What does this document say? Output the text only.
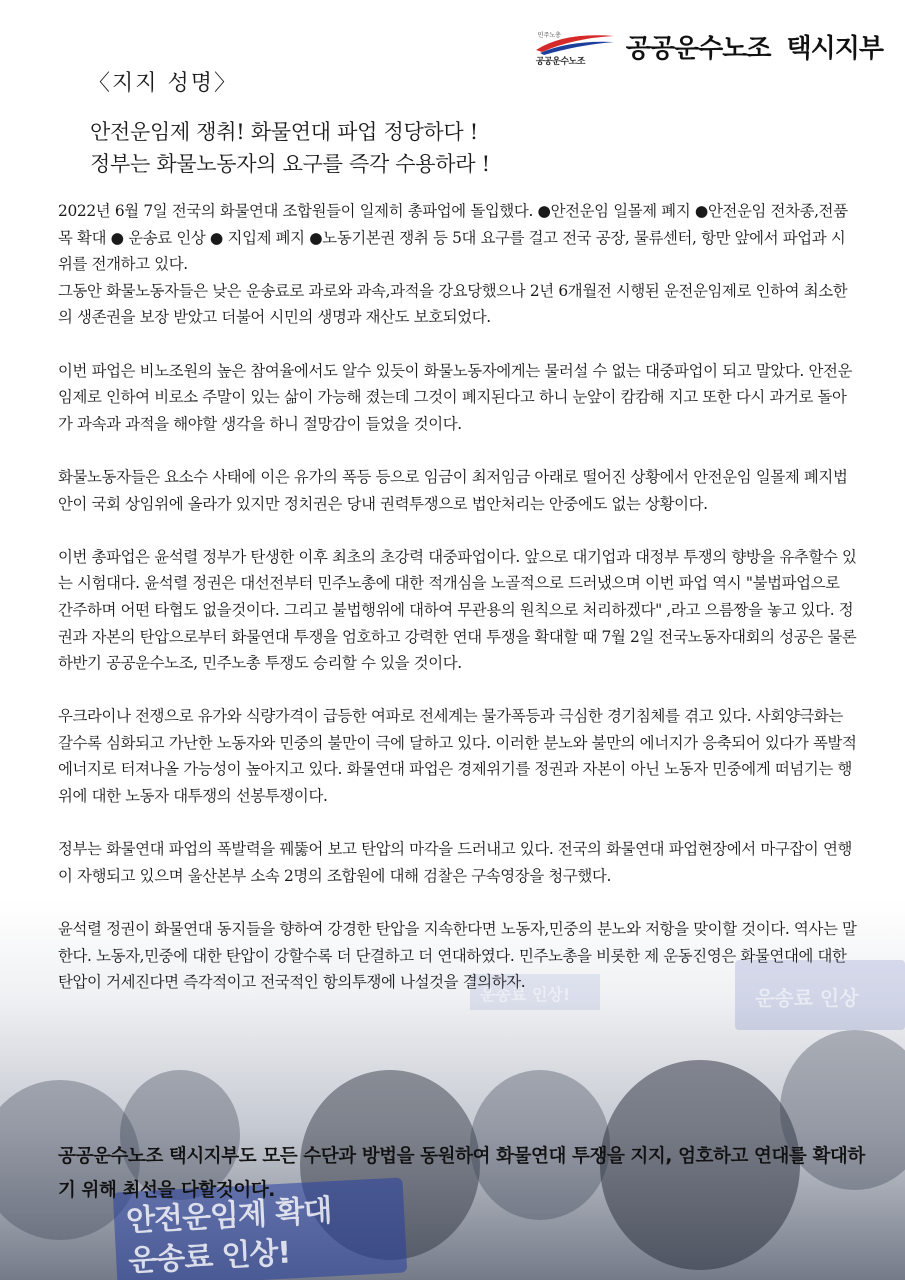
운송료 인상!	운송료 인상
안전운임제 확대
운송료 인상!
민주노총
공공운수노조 공공운수노조  택시지부
〈지지 성명〉
안전운임제 쟁취! 화물연대 파업 정당하다 !
정부는 화물노동자의 요구를 즉각 수용하라 !

2022년 6월 7일 전국의 화물연대 조합원들이 일제히 총파업에 돌입했다. ●안전운임 일몰제 폐지 ●안전운임 전차종,전품목 확대 ● 운송료 인상 ● 지입제 폐지 ●노동기본권 쟁취 등 5대 요구를 걸고 전국 공장, 물류센터, 항만 앞에서 파업과 시위를 전개하고 있다.
그동안 화물노동자들은 낮은 운송료로 과로와 과속,과적을 강요당했으나 2년 6개월전 시행된 운전운임제로 인하여 최소한의 생존권을 보장 받았고 더불어 시민의 생명과 재산도 보호되었다.

이번 파업은 비노조원의 높은 참여율에서도 알수 있듯이 화물노동자에게는 물러설 수 없는 대중파업이 되고 말았다. 안전운임제로 인하여 비로소 주말이 있는 삶이 가능해 졌는데 그것이 폐지된다고 하니 눈앞이 캄캄해 지고 또한 다시 과거로 돌아가 과속과 과적을 해야할 생각을 하니 절망감이 들었을 것이다.

화물노동자들은 요소수 사태에 이은 유가의 폭등 등으로 임금이 최저임금 아래로 떨어진 상황에서 안전운임 일몰제 폐지법안이 국회 상임위에 올라가 있지만 정치권은 당내 권력투쟁으로 법안처리는 안중에도 없는 상황이다.

이번 총파업은 윤석렬 정부가 탄생한 이후 최초의 초강력 대중파업이다. 앞으로 대기업과 대정부 투쟁의 향방을 유추할수 있는 시험대다. 윤석렬 정권은 대선전부터 민주노총에 대한 적개심을 노골적으로 드러냈으며 이번 파업 역시 "불법파업으로 간주하며 어떤 타협도 없을것이다. 그리고 불법행위에 대하여 무관용의 원칙으로 처리하겠다" ,라고 으름짱을 놓고 있다. 정권과 자본의 탄압으로부터 화물연대 투쟁을 엄호하고 강력한 연대 투쟁을 확대할 때 7월 2일 전국노동자대회의 성공은 물론 하반기 공공운수노조, 민주노총 투쟁도 승리할 수 있을 것이다.

우크라이나 전쟁으로 유가와 식량가격이 급등한 여파로 전세계는 물가폭등과 극심한 경기침체를 겪고 있다. 사회양극화는 갈수록 심화되고 가난한 노동자와 민중의 불만이 극에 달하고 있다. 이러한 분노와 불만의 에너지가 응축되어 있다가 폭발적 에너지로 터져나올 가능성이 높아지고 있다. 화물연대 파업은 경제위기를 정권과 자본이 아닌 노동자 민중에게 떠넘기는 행위에 대한 노동자 대투쟁의 선봉투쟁이다.

정부는 화물연대 파업의 폭발력을 꿰뚫어 보고 탄압의 마각을 드러내고 있다. 전국의 화물연대 파업현장에서 마구잡이 연행이 자행되고 있으며 울산본부 소속 2명의 조합원에 대해 검찰은 구속영장을 청구했다.

윤석렬 정권이 화물연대 동지들을 향하여 강경한 탄압을 지속한다면 노동자,민중의 분노와 저항을 맞이할 것이다. 역사는 말한다. 노동자,민중에 대한 탄압이 강할수록 더 단결하고 더 연대하였다. 민주노총을 비롯한 제 운동진영은 화물연대에 대한 탄압이 거세진다면 즉각적이고 전국적인 항의투쟁에 나설것을 결의하자.

공공운수노조 택시지부도 모든 수단과 방법을 동원하여 화물연대 투쟁을 지지, 엄호하고 연대를 확대하기 위해 최선을 다할것이다.
